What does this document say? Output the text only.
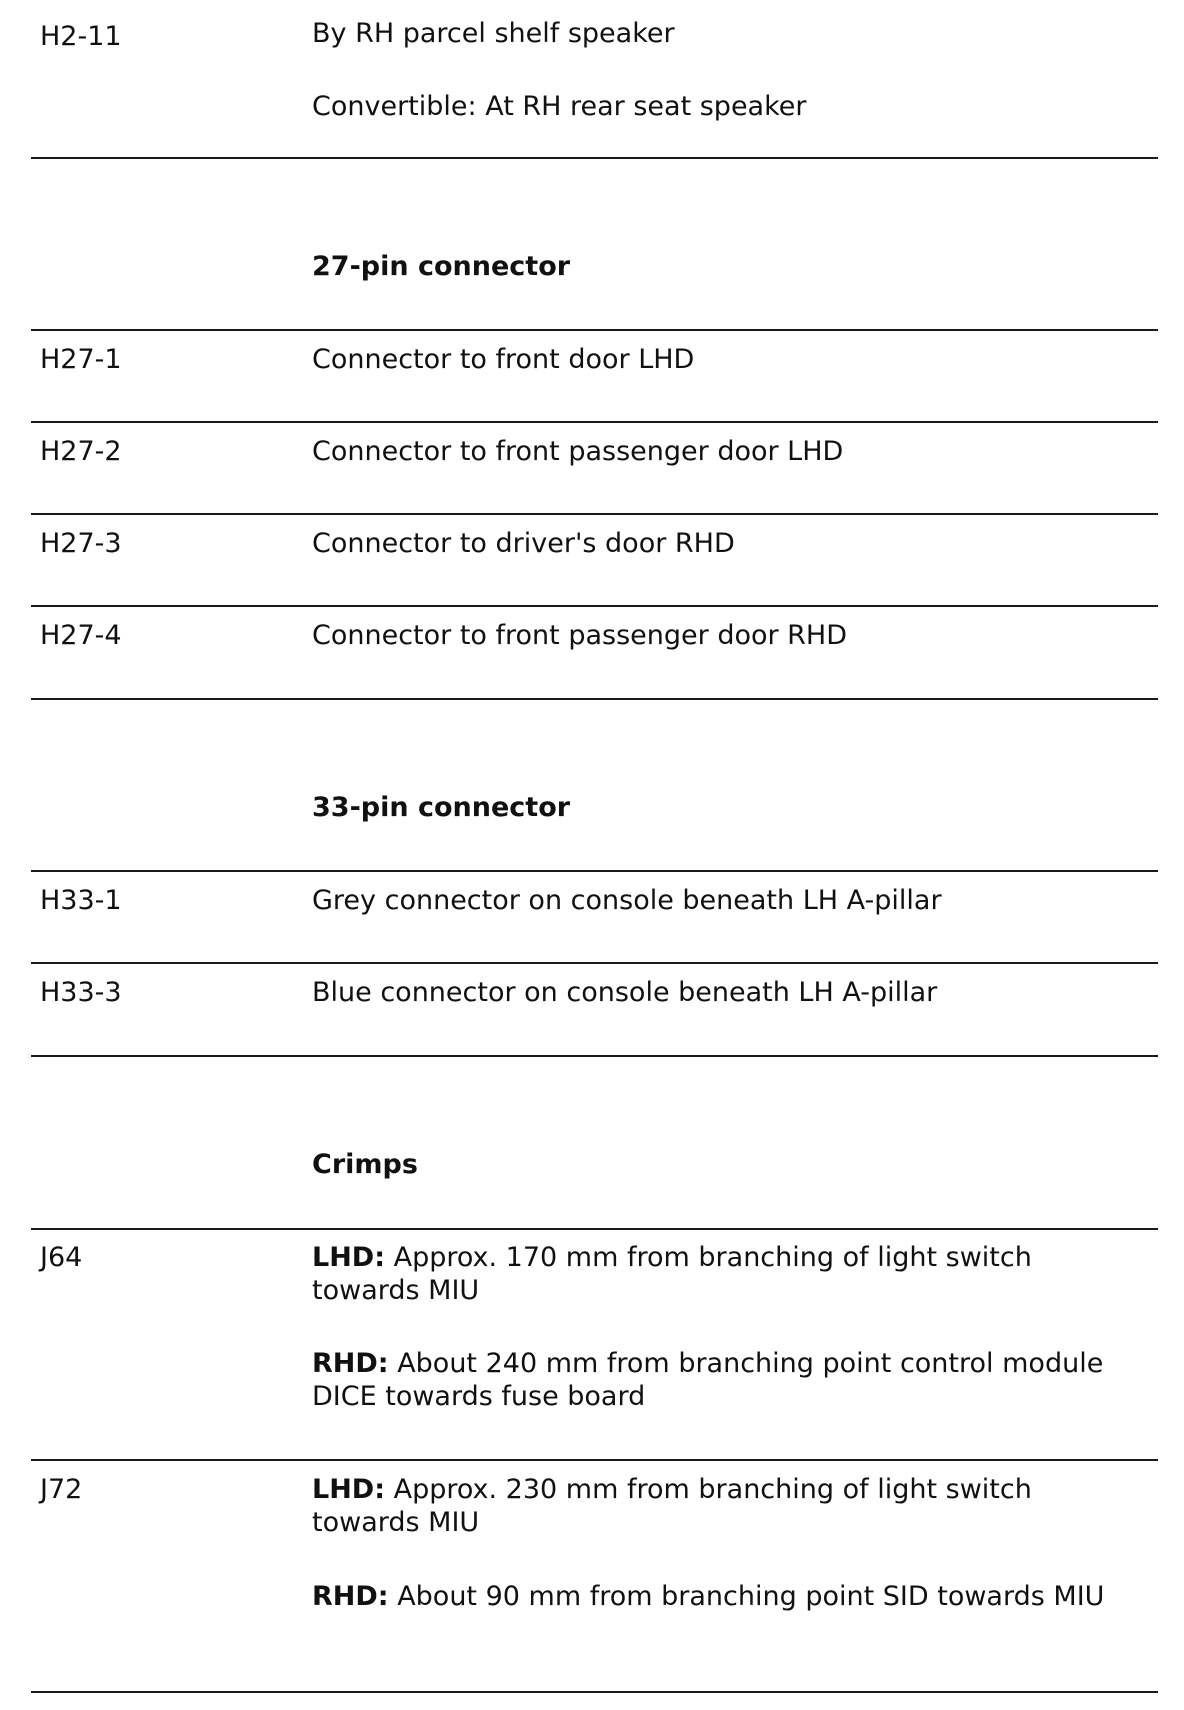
H2-11	By RH parcel shelf speaker
Convertible: At RH rear seat speaker
27-pin connector
H27-1	Connector to front door LHD
H27-2	Connector to front passenger door LHD
H27-3	Connector to driver's door RHD
H27-4	Connector to front passenger door RHD
33-pin connector
H33-1	Grey connector on console beneath LH A-pillar
H33-3	Blue connector on console beneath LH A-pillar
Crimps
J64	LHD: Approx. 170 mm from branching of light switch towards MIU
RHD: About 240 mm from branching point control module DICE towards fuse board
J72	LHD: Approx. 230 mm from branching of light switch towards MIU
RHD: About 90 mm from branching point SID towards MIU
